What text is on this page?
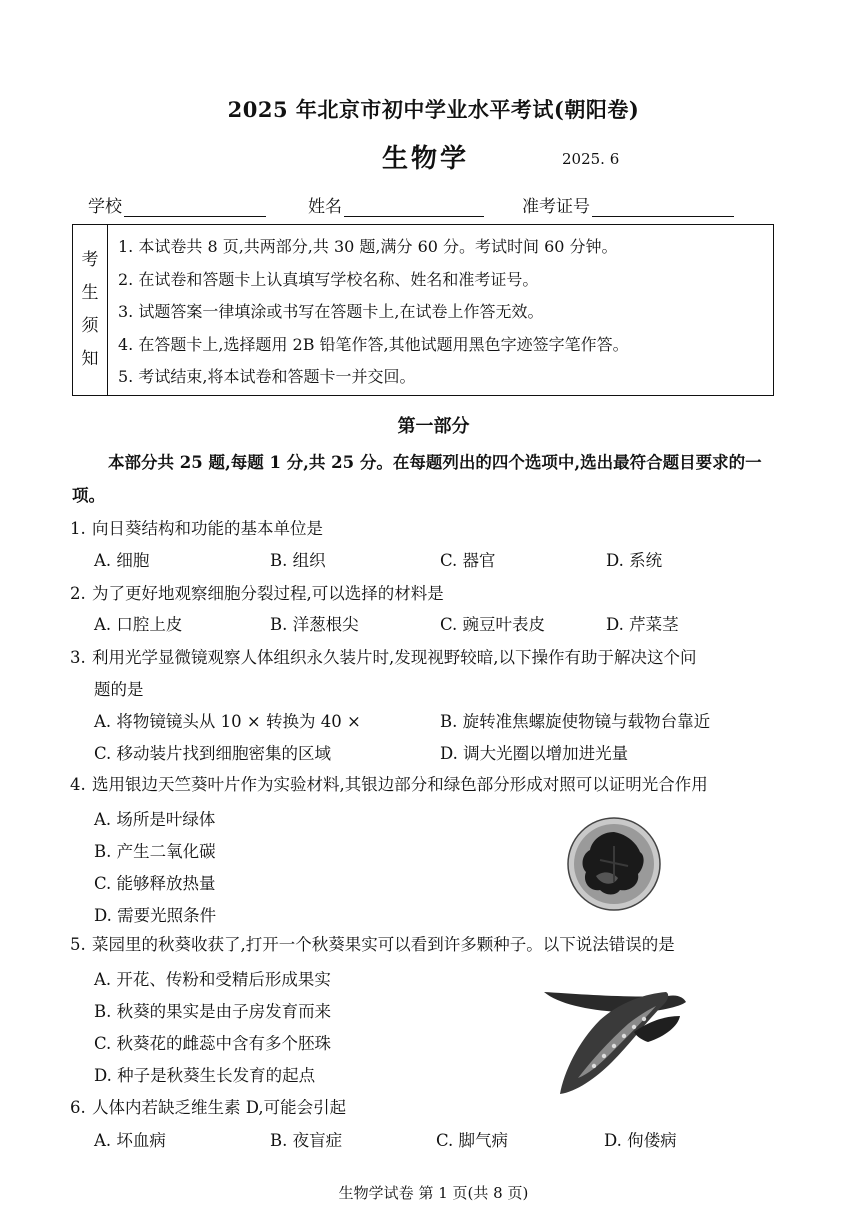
2025 年北京市初中学业水平考试(朝阳卷)
生物学	2025. 6
学校	姓名	准考证号
考
生
须
知
1. 本试卷共 8 页,共两部分,共 30 题,满分 60 分。考试时间 60 分钟。
2. 在试卷和答题卡上认真填写学校名称、姓名和准考证号。
3. 试题答案一律填涂或书写在答题卡上,在试卷上作答无效。
4. 在答题卡上,选择题用 2B 铅笔作答,其他试题用黑色字迹签字笔作答。
5. 考试结束,将本试卷和答题卡一并交回。
第一部分
本部分共 25 题,每题 1 分,共 25 分。在每题列出的四个选项中,选出最符合题目要求的一项。
1. 向日葵结构和功能的基本单位是
A. 细胞	B. 组织	C. 器官	D. 系统
2. 为了更好地观察细胞分裂过程,可以选择的材料是
A. 口腔上皮	B. 洋葱根尖	C. 豌豆叶表皮	D. 芹菜茎
3. 利用光学显微镜观察人体组织永久装片时,发现视野较暗,以下操作有助于解决这个问
题的是
A. 将物镜镜头从 10 × 转换为 40 ×	B. 旋转准焦螺旋使物镜与载物台靠近
C. 移动装片找到细胞密集的区域	D. 调大光圈以增加进光量
4. 选用银边天竺葵叶片作为实验材料,其银边部分和绿色部分形成对照可以证明光合作用
A. 场所是叶绿体
B. 产生二氧化碳
C. 能够释放热量
D. 需要光照条件
5. 菜园里的秋葵收获了,打开一个秋葵果实可以看到许多颗种子。以下说法错误的是
A. 开花、传粉和受精后形成果实
B. 秋葵的果实是由子房发育而来
C. 秋葵花的雌蕊中含有多个胚珠
D. 种子是秋葵生长发育的起点
6. 人体内若缺乏维生素 D,可能会引起
A. 坏血病	B. 夜盲症	C. 脚气病	D. 佝偻病
生物学试卷 第 1 页(共 8 页)
